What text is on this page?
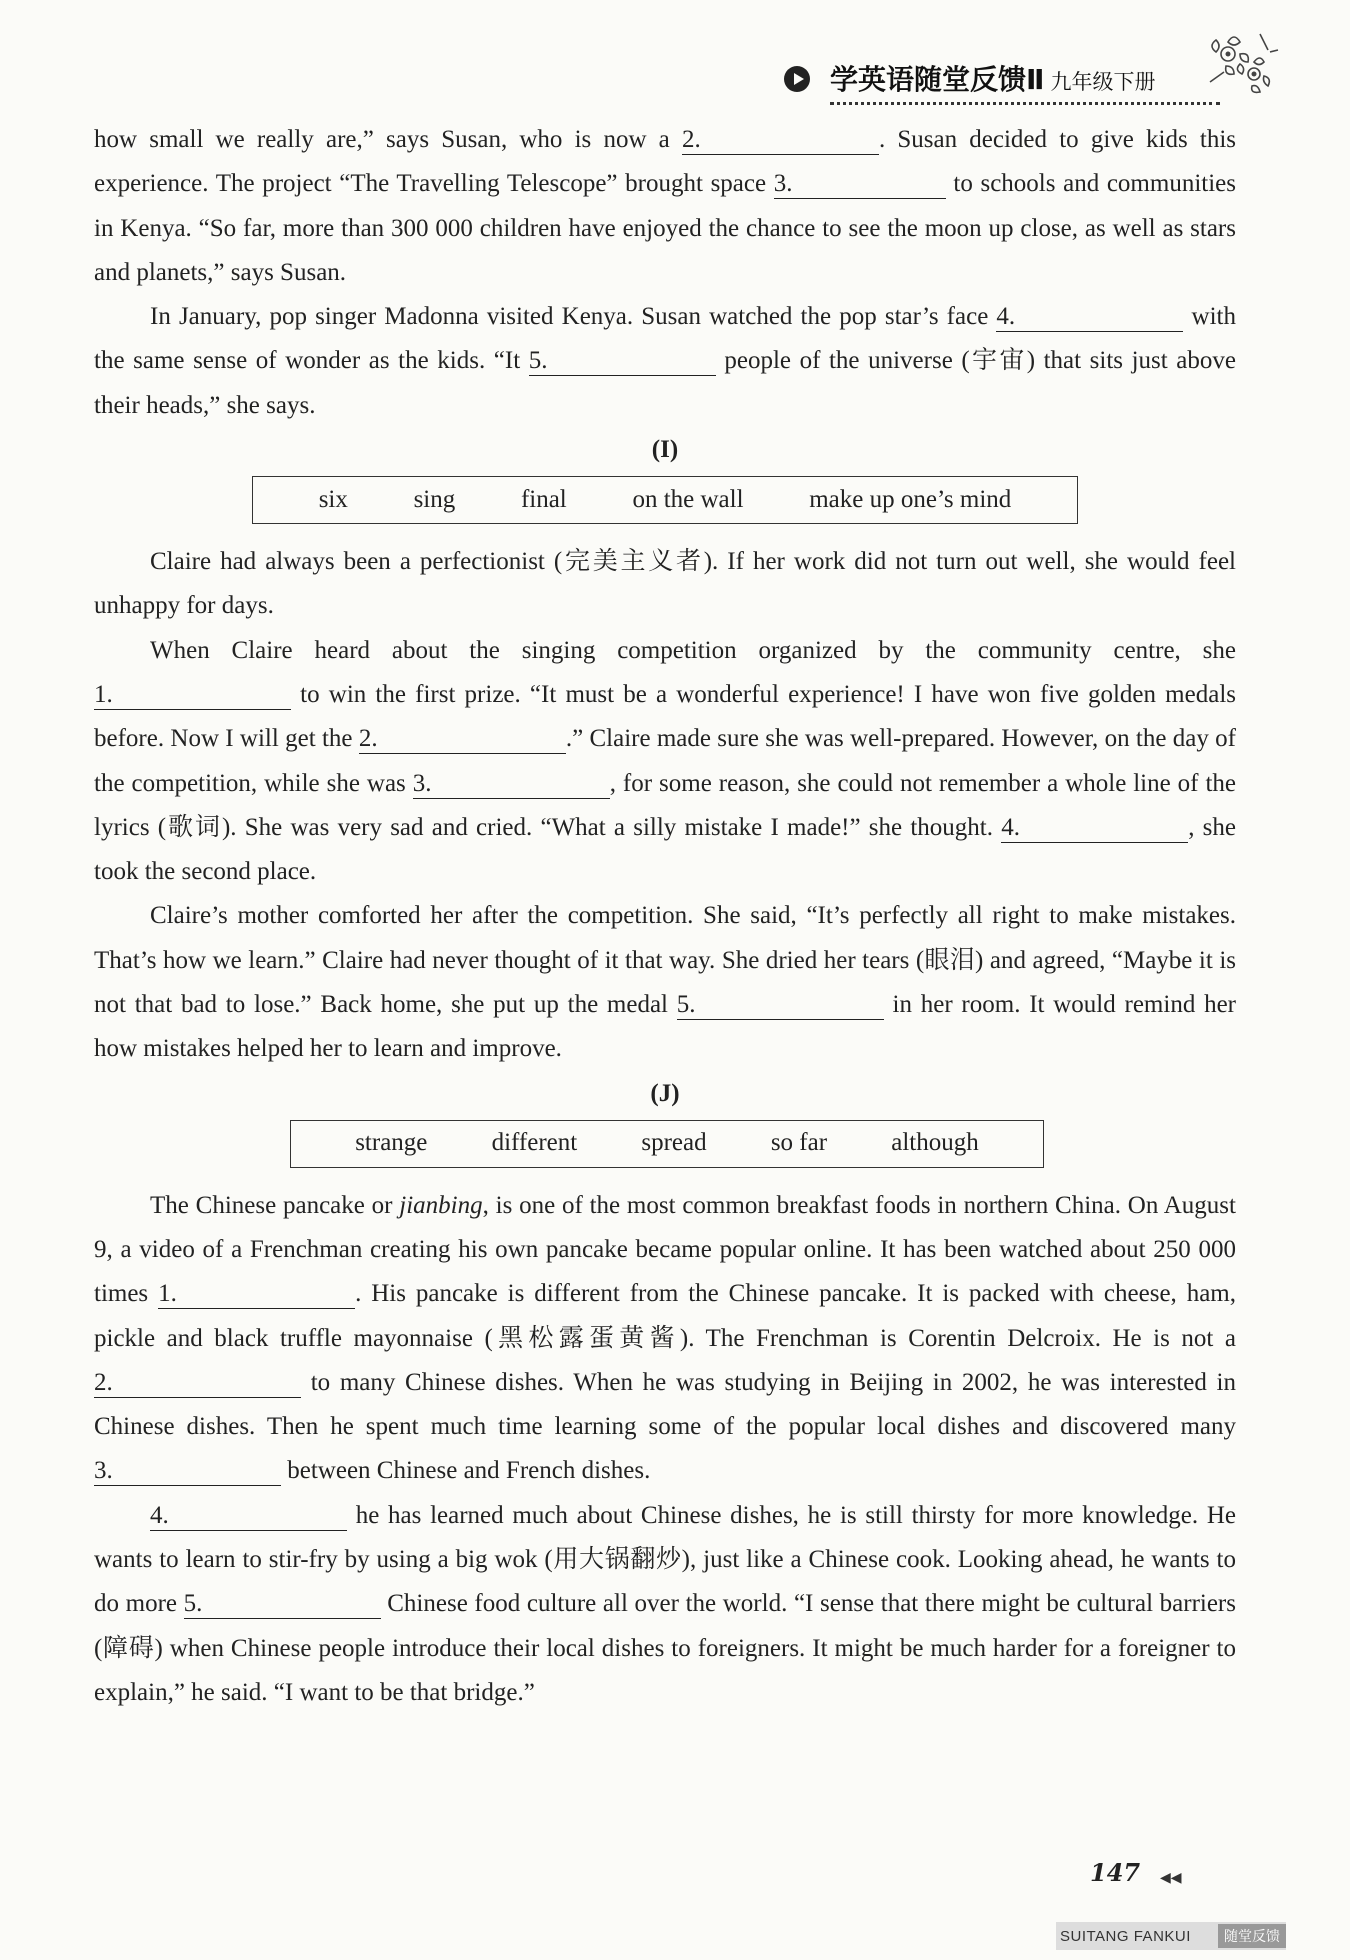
学英语随堂反馈Ⅱ 九年级下册

how small we really are,” says Susan, who is now a 2.	. Susan decided to give kids this experience. The project “The Travelling Telescope” brought space 3.	to schools and communities in Kenya. “So far, more than 300 000 children have enjoyed the chance to see the moon up close, as well as stars and planets,” says Susan.

In January, pop singer Madonna visited Kenya. Susan watched the pop star’s face 4.	with the same sense of wonder as the kids. “It 5.	people of the universe (宇宙) that sits just above their heads,” she says.

(I)
six	sing	final	on the wall	make up one’s mind

Claire had always been a perfectionist (完美主义者). If her work did not turn out well, she would feel unhappy for days.

When Claire heard about the singing competition organized by the community centre, she 1.	to win the first prize. “It must be a wonderful experience! I have won five golden medals before. Now I will get the 2.	.” Claire made sure she was well-prepared. However, on the day of the competition, while she was 3.	, for some reason, she could not remember a whole line of the lyrics (歌词). She was very sad and cried. “What a silly mistake I made!” she thought. 4.	, she took the second place.

Claire’s mother comforted her after the competition. She said, “It’s perfectly all right to make mistakes. That’s how we learn.” Claire had never thought of it that way. She dried her tears (眼泪) and agreed, “Maybe it is not that bad to lose.” Back home, she put up the medal 5.	in her room. It would remind her how mistakes helped her to learn and improve.

(J)
strange	different	spread	so far	although

The Chinese pancake or jianbing, is one of the most common breakfast foods in northern China. On August 9, a video of a Frenchman creating his own pancake became popular online. It has been watched about 250 000 times 1.	. His pancake is different from the Chinese pancake. It is packed with cheese, ham, pickle and black truffle mayonnaise (黑松露蛋黄酱). The Frenchman is Corentin Delcroix. He is not a 2.	to many Chinese dishes. When he was studying in Beijing in 2002, he was interested in Chinese dishes. Then he spent much time learning some of the popular local dishes and discovered many 3.	between Chinese and French dishes.

4.	he has learned much about Chinese dishes, he is still thirsty for more knowledge. He wants to learn to stir-fry by using a big wok (用大锅翻炒), just like a Chinese cook. Looking ahead, he wants to do more 5.	Chinese food culture all over the world. “I sense that there might be cultural barriers (障碍) when Chinese people introduce their local dishes to foreigners. It might be much harder for a foreigner to explain,” he said. “I want to be that bridge.”

147 ◀◀
SUITANG FANKUI	随堂反馈
